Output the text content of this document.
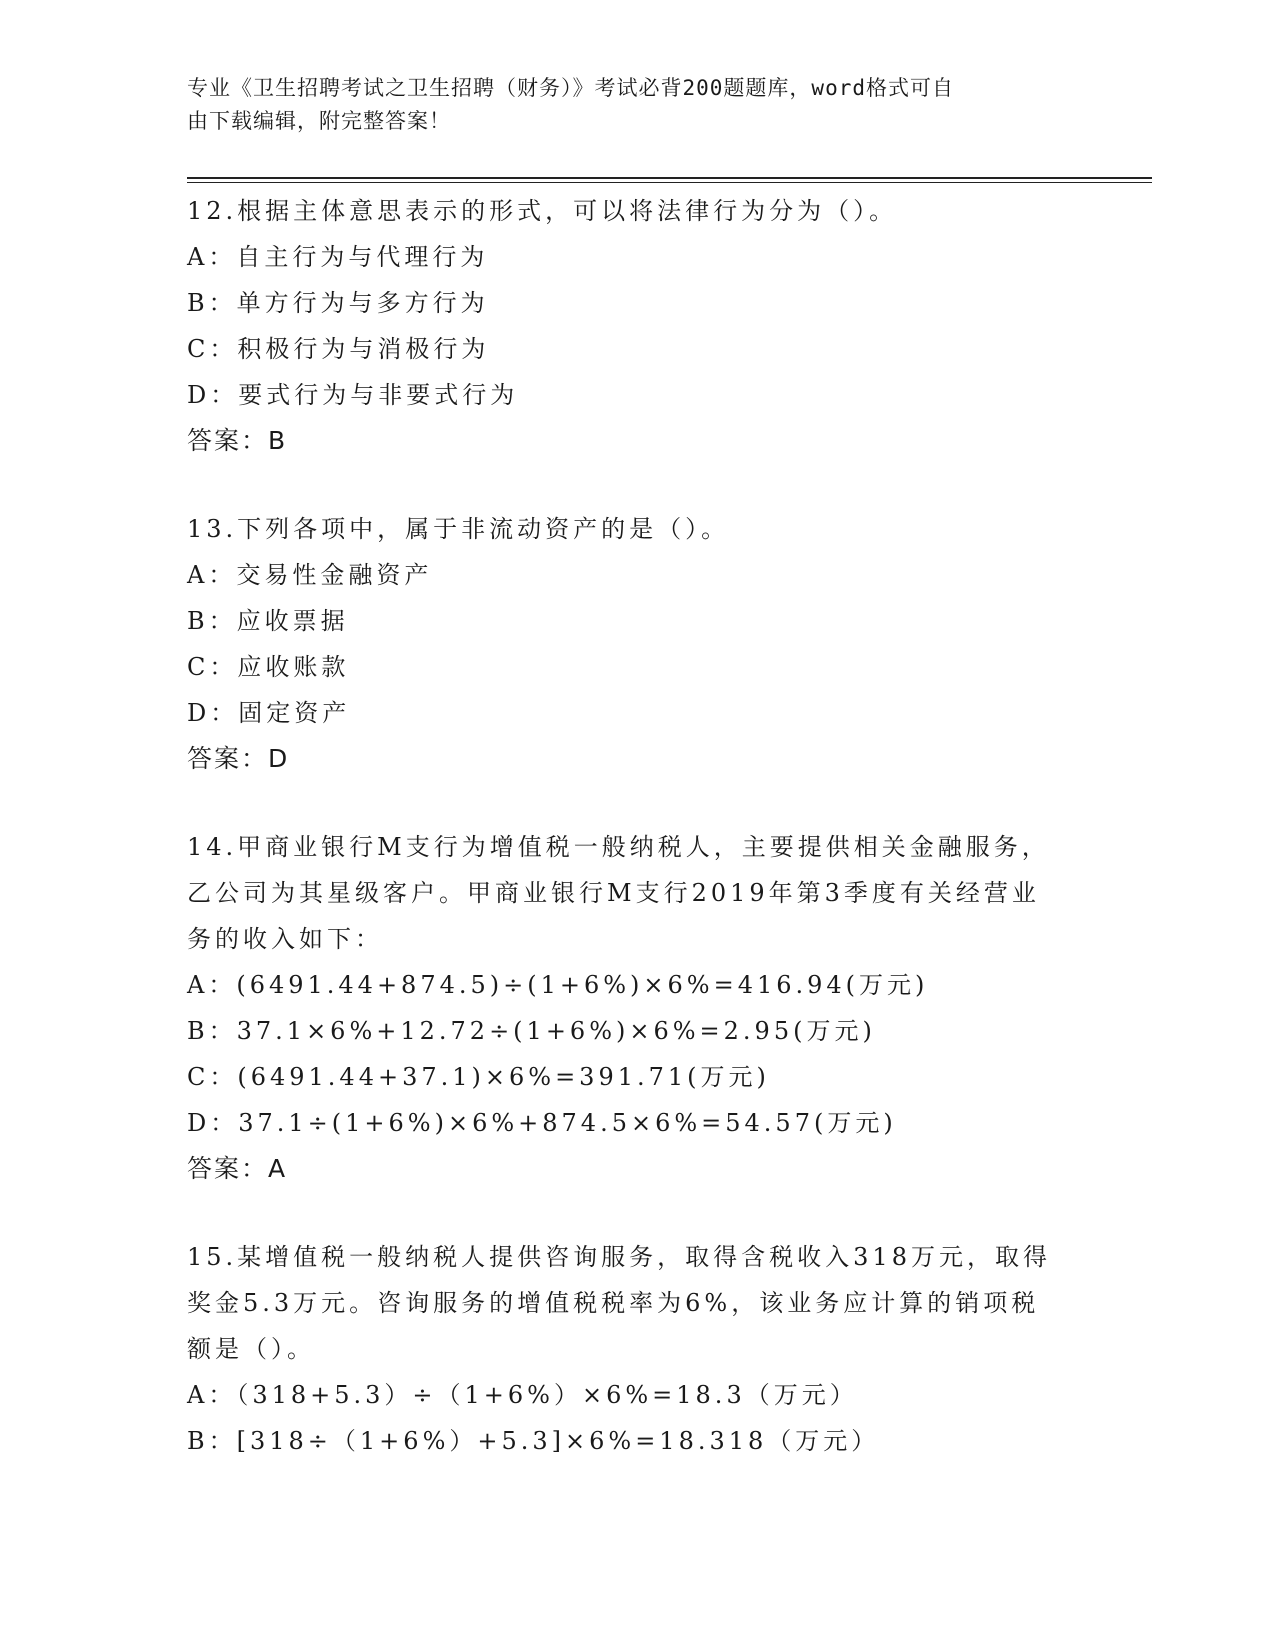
专业《卫生招聘考试之卫生招聘（财务）》考试必背200题题库，word格式可自
由下载编辑，附完整答案！
12.根据主体意思表示的形式，可以将法律行为分为（）。
A：自主行为与代理行为
B：单方行为与多方行为
C：积极行为与消极行为
D：要式行为与非要式行为
答案：B
13.下列各项中，属于非流动资产的是（）。
A：交易性金融资产
B：应收票据
C：应收账款
D：固定资产
答案：D
14.甲商业银行M支行为增值税一般纳税人，主要提供相关金融服务，
乙公司为其星级客户。甲商业银行M支行2019年第3季度有关经营业
务的收入如下：
A：(6491.44+874.5)÷(1+6%)×6%=416.94(万元)
B：37.1×6%+12.72÷(1+6%)×6%=2.95(万元)
C：(6491.44+37.1)×6%=391.71(万元)
D：37.1÷(1+6%)×6%+874.5×6%=54.57(万元)
答案：A
15.某增值税一般纳税人提供咨询服务，取得含税收入318万元，取得
奖金5.3万元。咨询服务的增值税税率为6%，该业务应计算的销项税
额是（）。
A：（318+5.3）÷（1+6%）×6%=18.3（万元）
B：[318÷（1+6%）+5.3]×6%=18.318（万元）
